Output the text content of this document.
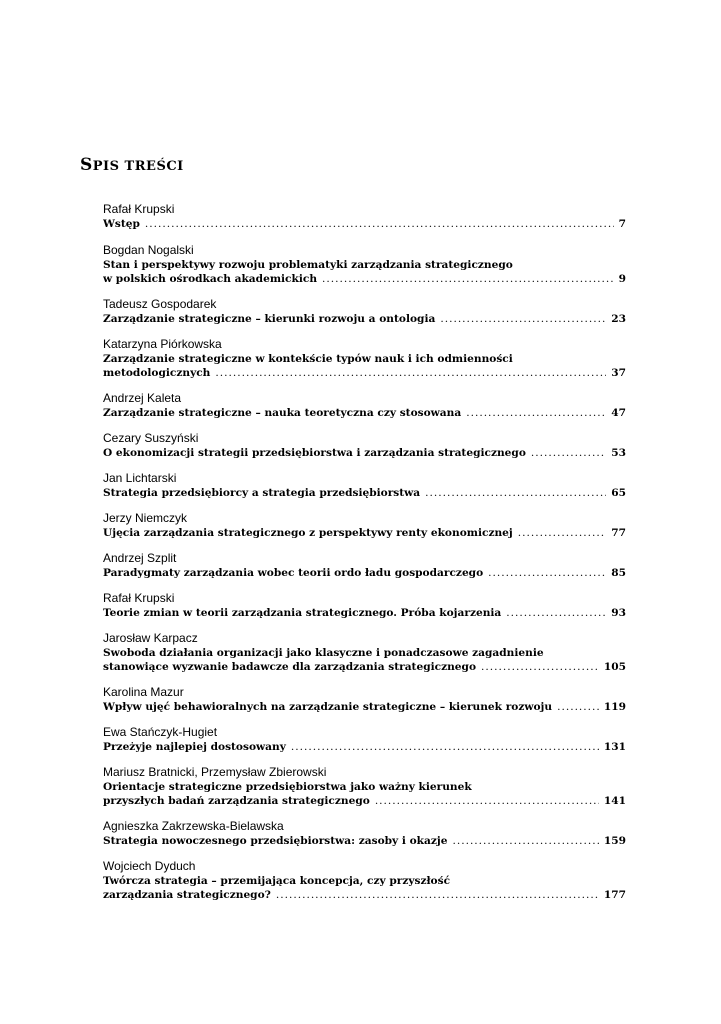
SPIS TREŚCI
Rafał Krupski
Wstęp .....	7
Bogdan Nogalski
Stan i perspektywy rozwoju problematyki zarządzania strategicznego
w polskich ośrodkach akademickich .....	9
Tadeusz Gospodarek
Zarządzanie strategiczne – kierunki rozwoju a ontologia .....	23
Katarzyna Piórkowska
Zarządzanie strategiczne w kontekście typów nauk i ich odmienności
metodologicznych .....	37
Andrzej Kaleta
Zarządzanie strategiczne – nauka teoretyczna czy stosowana .....	47
Cezary Suszyński
O ekonomizacji strategii przedsiębiorstwa i zarządzania strategicznego .....	53
Jan Lichtarski
Strategia przedsiębiorcy a strategia przedsiębiorstwa .....	65
Jerzy Niemczyk
Ujęcia zarządzania strategicznego z perspektywy renty ekonomicznej .....	77
Andrzej Szplit
Paradygmaty zarządzania wobec teorii ordo ładu gospodarczego .....	85
Rafał Krupski
Teorie zmian w teorii zarządzania strategicznego. Próba kojarzenia .....	93
Jarosław Karpacz
Swoboda działania organizacji jako klasyczne i ponadczasowe zagadnienie
stanowiące wyzwanie badawcze dla zarządzania strategicznego .....	105
Karolina Mazur
Wpływ ujęć behawioralnych na zarządzanie strategiczne – kierunek rozwoju .....	119
Ewa Stańczyk-Hugiet
Przeżyje najlepiej dostosowany .....	131
Mariusz Bratnicki, Przemysław Zbierowski
Orientacje strategiczne przedsiębiorstwa jako ważny kierunek
przyszłych badań zarządzania strategicznego .....	141
Agnieszka Zakrzewska-Bielawska
Strategia nowoczesnego przedsiębiorstwa: zasoby i okazje .....	159
Wojciech Dyduch
Twórcza strategia – przemijająca koncepcja, czy przyszłość
zarządzania strategicznego? .....	177
